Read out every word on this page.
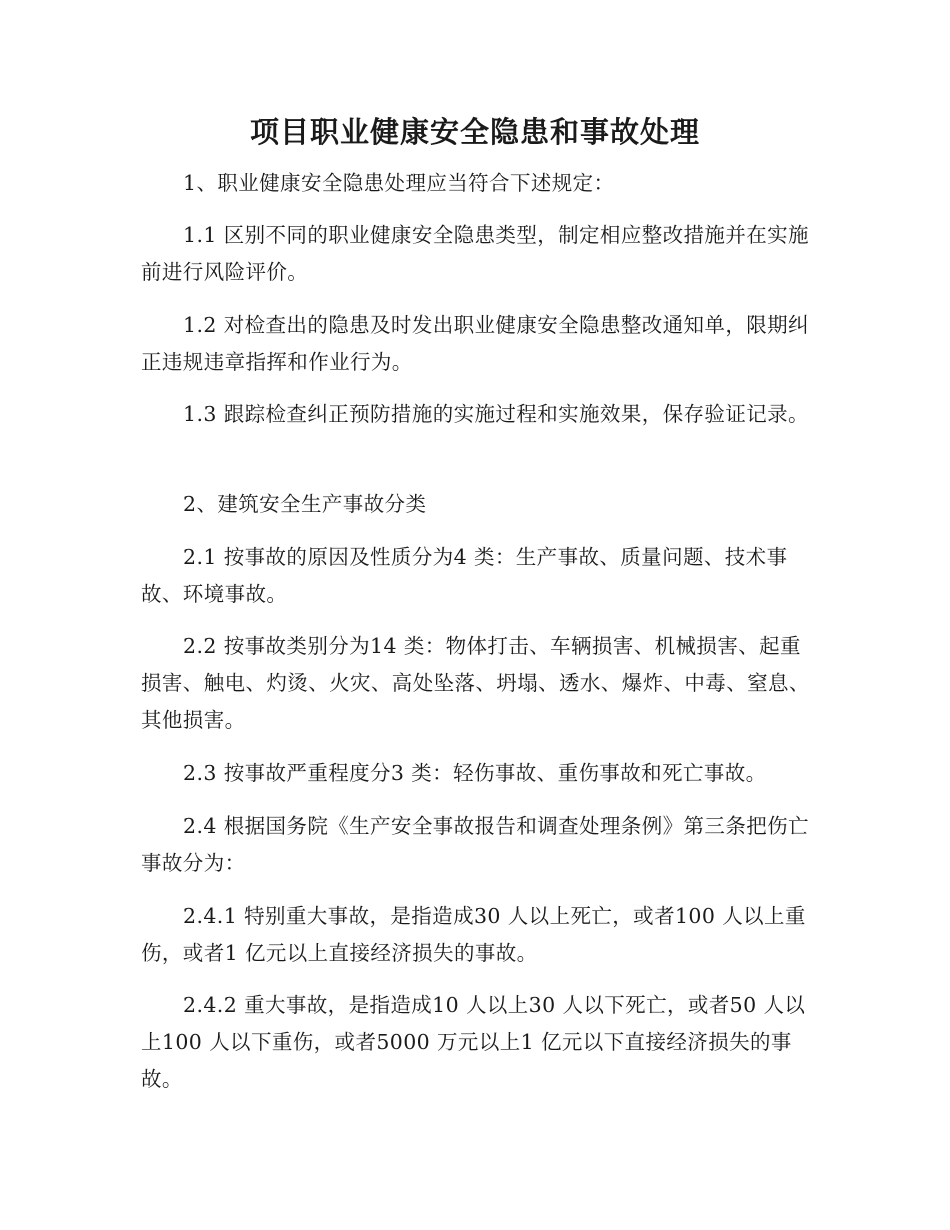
项目职业健康安全隐患和事故处理

1、职业健康安全隐患处理应当符合下述规定：

1.1 区别不同的职业健康安全隐患类型，制定相应整改措施并在实施前进行风险评价。

1.2 对检查出的隐患及时发出职业健康安全隐患整改通知单，限期纠正违规违章指挥和作业行为。

1.3 跟踪检查纠正预防措施的实施过程和实施效果，保存验证记录。

2、建筑安全生产事故分类

2.1 按事故的原因及性质分为4 类：生产事故、质量问题、技术事故、环境事故。

2.2 按事故类别分为14 类：物体打击、车辆损害、机械损害、起重损害、触电、灼烫、火灾、高处坠落、坍塌、透水、爆炸、中毒、窒息、其他损害。

2.3 按事故严重程度分3 类：轻伤事故、重伤事故和死亡事故。

2.4 根据国务院《生产安全事故报告和调查处理条例》第三条把伤亡事故分为：

2.4.1 特别重大事故，是指造成30 人以上死亡，或者100 人以上重伤，或者1 亿元以上直接经济损失的事故。

2.4.2 重大事故，是指造成10 人以上30 人以下死亡，或者50 人以上100 人以下重伤，或者5000 万元以上1 亿元以下直接经济损失的事故。
